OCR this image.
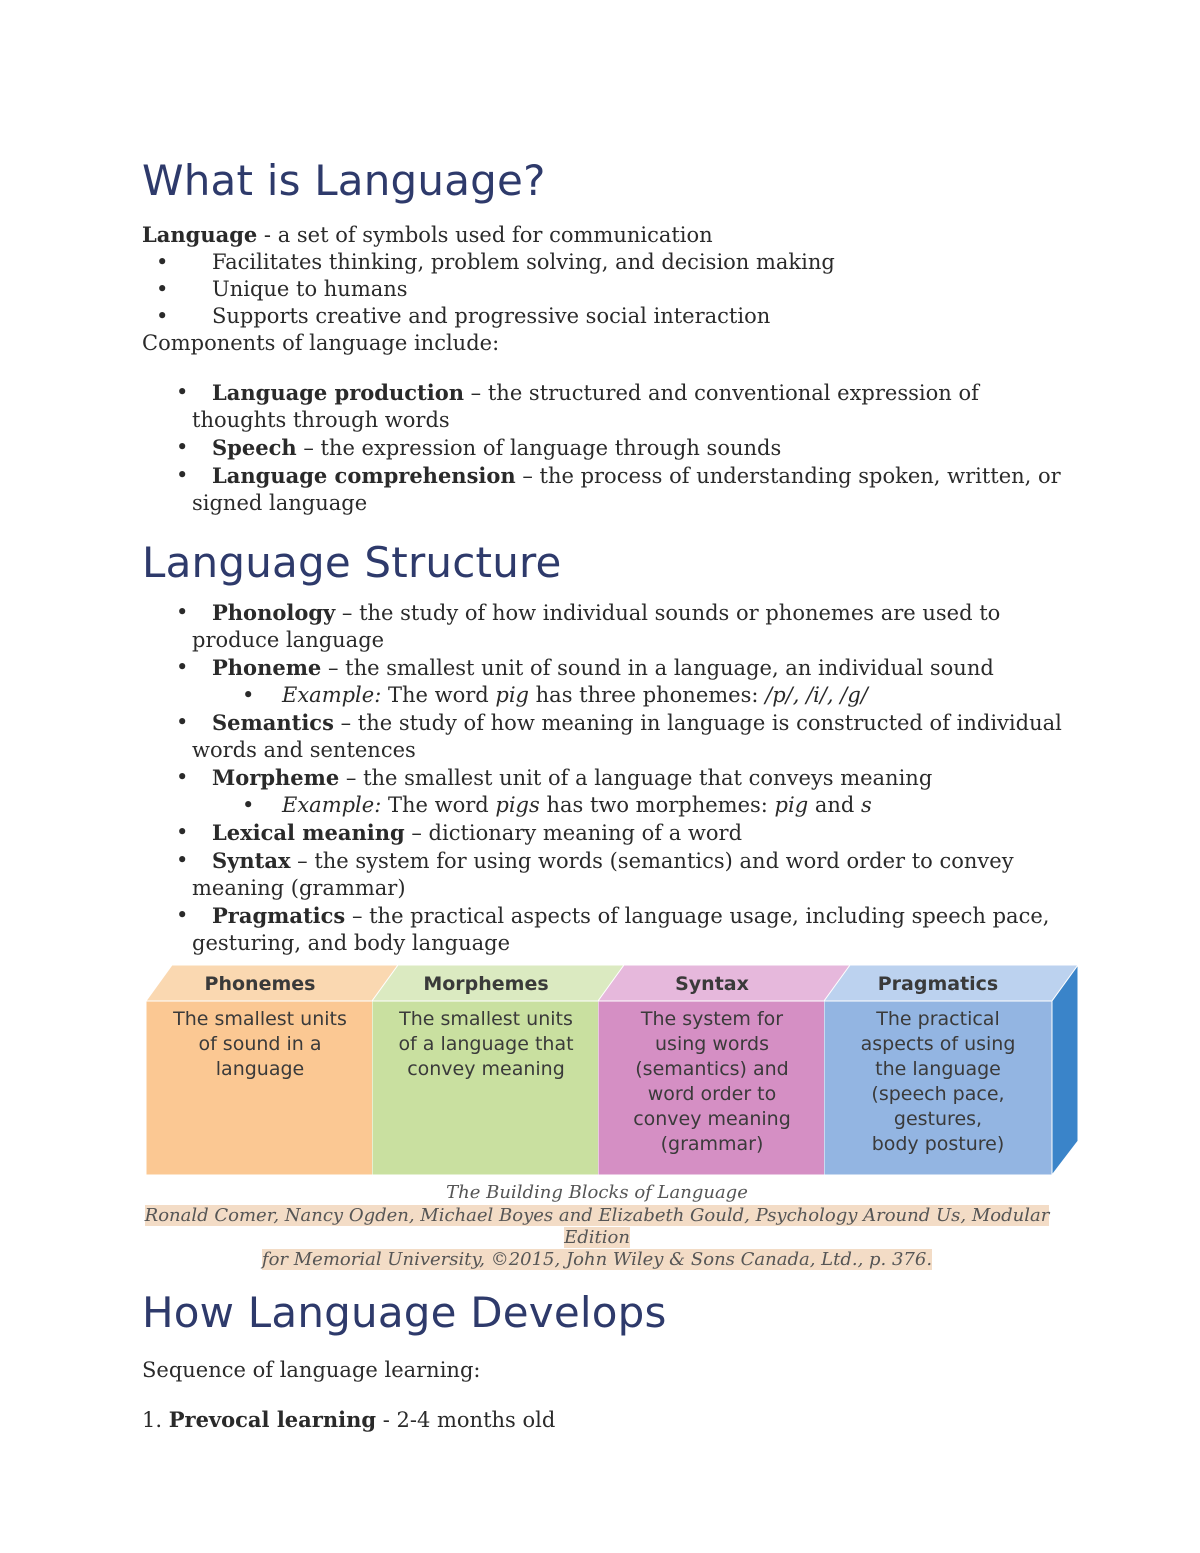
What is Language?

Language - a set of symbols used for communication

• Facilitates thinking, problem solving, and decision making
• Unique to humans
• Supports creative and progressive social interaction

Components of language include:

• Language production – the structured and conventional expression of thoughts through words
• Speech – the expression of language through sounds
• Language comprehension – the process of understanding spoken, written, or signed language
Language Structure
• Phonology – the study of how individual sounds or phonemes are used to produce language
• Phoneme – the smallest unit of sound in a language, an individual sound
• Example: The word pig has three phonemes: /p/, /i/, /g/
• Semantics – the study of how meaning in language is constructed of individual words and sentences
• Morpheme – the smallest unit of a language that conveys meaning
• Example: The word pigs has two morphemes: pig and s
• Lexical meaning – dictionary meaning of a word
• Syntax – the system for using words (semantics) and word order to convey meaning (grammar)
• Pragmatics – the practical aspects of language usage, including speech pace, gesturing, and body language
Phonemes
The smallest units
of sound in a
language
Morphemes
The smallest units
of a language that
convey meaning
Syntax
The system for
using words
(semantics) and
word order to
convey meaning
(grammar)
Pragmatics
The practical
aspects of using
the language
(speech pace,
gestures,
body posture)
The Building Blocks of Language
Ronald Comer, Nancy Ogden, Michael Boyes and Elizabeth Gould, Psychology Around Us, Modular Edition
for Memorial University, ©2015, John Wiley & Sons Canada, Ltd., p. 376.
How Language Develops

Sequence of language learning:

1. Prevocal learning - 2-4 months old
